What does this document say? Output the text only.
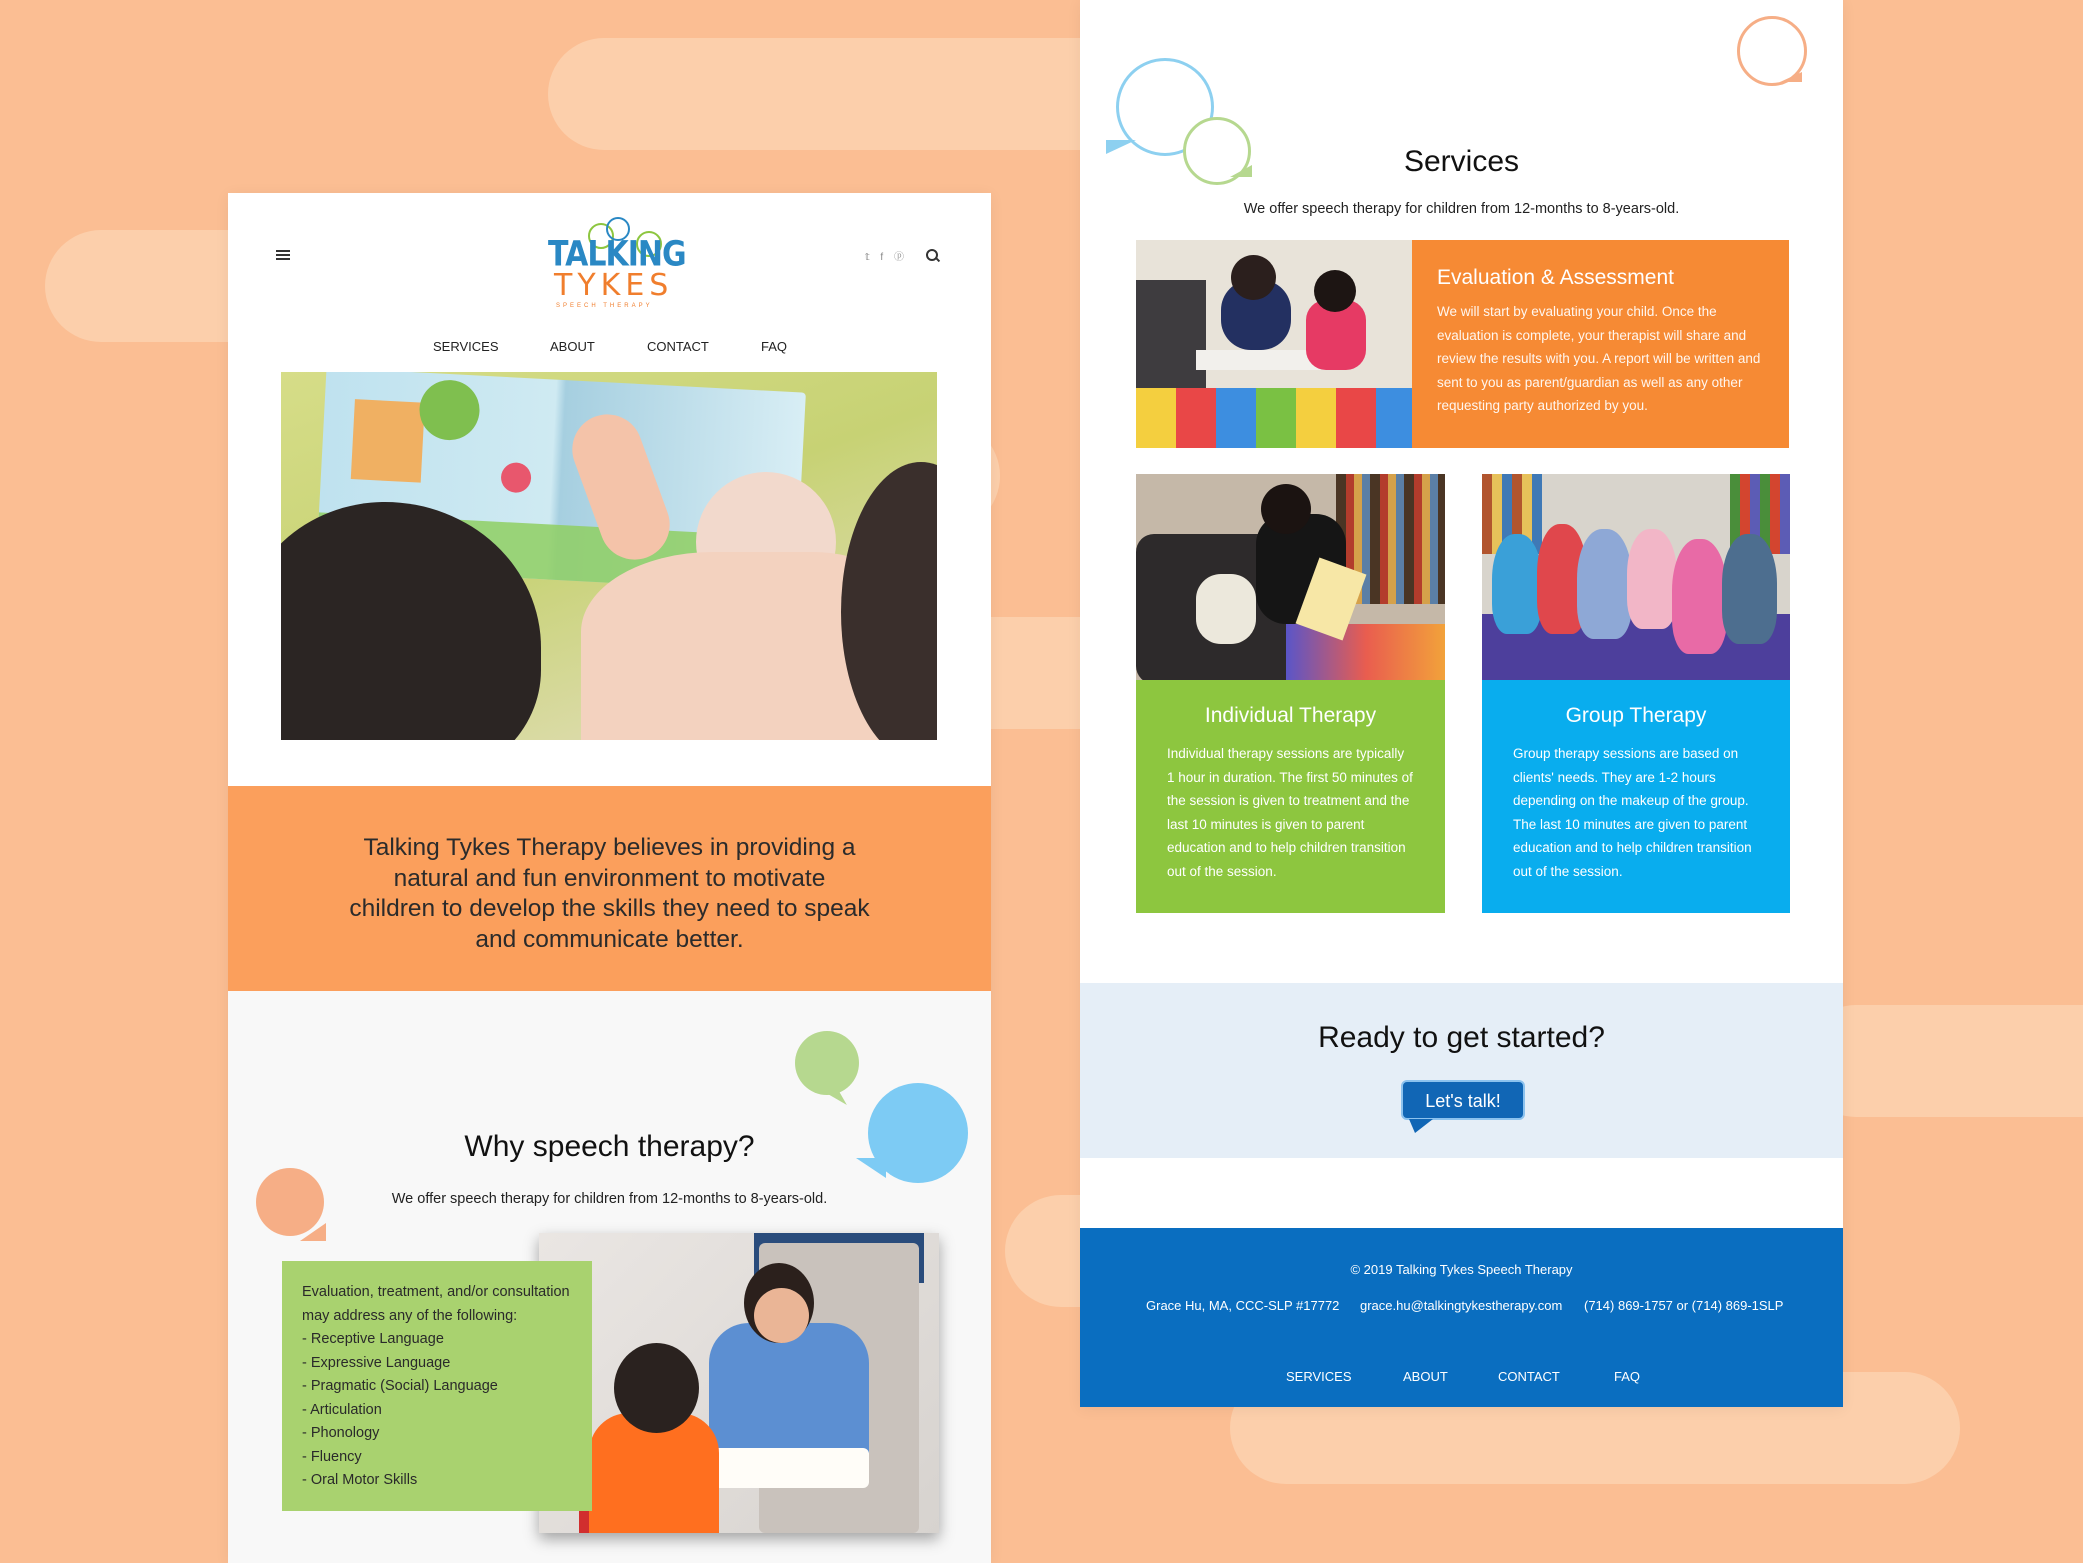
TALKING
TYKES
SPEECH THERAPY
𝕥 f ⓟ
SERVICES	ABOUT	CONTACT	FAQ
Talking Tykes Therapy believes in providing a natural and fun environment to motivate children to develop the skills they need to speak and communicate better.
Why speech therapy?
We offer speech therapy for children from 12-months to 8-years-old.
Evaluation, treatment, and/or consultation may address any of the following:
- Receptive Language
- Expressive Language
- Pragmatic (Social) Language
- Articulation
- Phonology
- Fluency
- Oral Motor Skills
Services
We offer speech therapy for children from 12-months to 8-years-old.
Evaluation & Assessment

We will start by evaluating your child. Once the evaluation is complete, your therapist will share and review the results with you. A report will be written and sent to you as parent/guardian as well as any other requesting party authorized by you.

Individual Therapy

Individual therapy sessions are typically 1 hour in duration. The first 50 minutes of the session is given to treatment and the last 10 minutes is given to parent education and to help children transition out of the session.

Group Therapy

Group therapy sessions are based on clients' needs. They are 1-2 hours depending on the makeup of the group. The last 10 minutes are given to parent education and to help children transition out of the session.

Ready to get started?
Let's talk!
© 2019 Talking Tykes Speech Therapy
Grace Hu, MA, CCC-SLP #17772 grace.hu@talkingtykestherapy.com (714) 869-1757 or (714) 869-1SLP
SERVICES	ABOUT	CONTACT	FAQ
